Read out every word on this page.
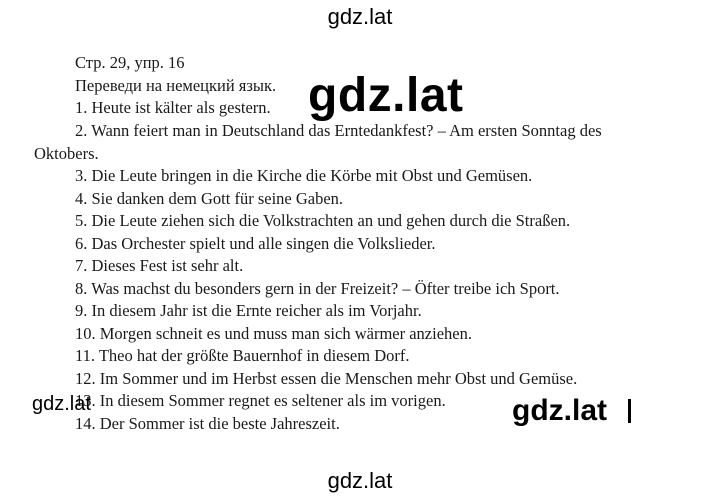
gdz.lat
Стр. 29, упр. 16
Переведи на немецкий язык.
1. Heute ist kälter als gestern.
2. Wann feiert man in Deutschland das Erntedankfest? – Am ersten Sonntag des
Oktobers.
3. Die Leute bringen in die Kirche die Körbe mit Obst und Gemüsen.
4. Sie danken dem Gott für seine Gaben.
5. Die Leute ziehen sich die Volkstrachten an und gehen durch die Straßen.
6. Das Orchester spielt und alle singen die Volkslieder.
7. Dieses Fest ist sehr alt.
8. Was machst du besonders gern in der Freizeit? – Öfter treibe ich Sport.
9. In diesem Jahr ist die Ernte reicher als im Vorjahr.
10. Morgen schneit es und muss man sich wärmer anziehen.
11. Theo hat der größte Bauernhof in diesem Dorf.
12. Im Sommer und im Herbst essen die Menschen mehr Obst und Gemüse.
13. In diesem Sommer regnet es seltener als im vorigen.
14. Der Sommer ist die beste Jahreszeit.
gdz.lat
gdz.lat	gdz.lat
gdz.lat
